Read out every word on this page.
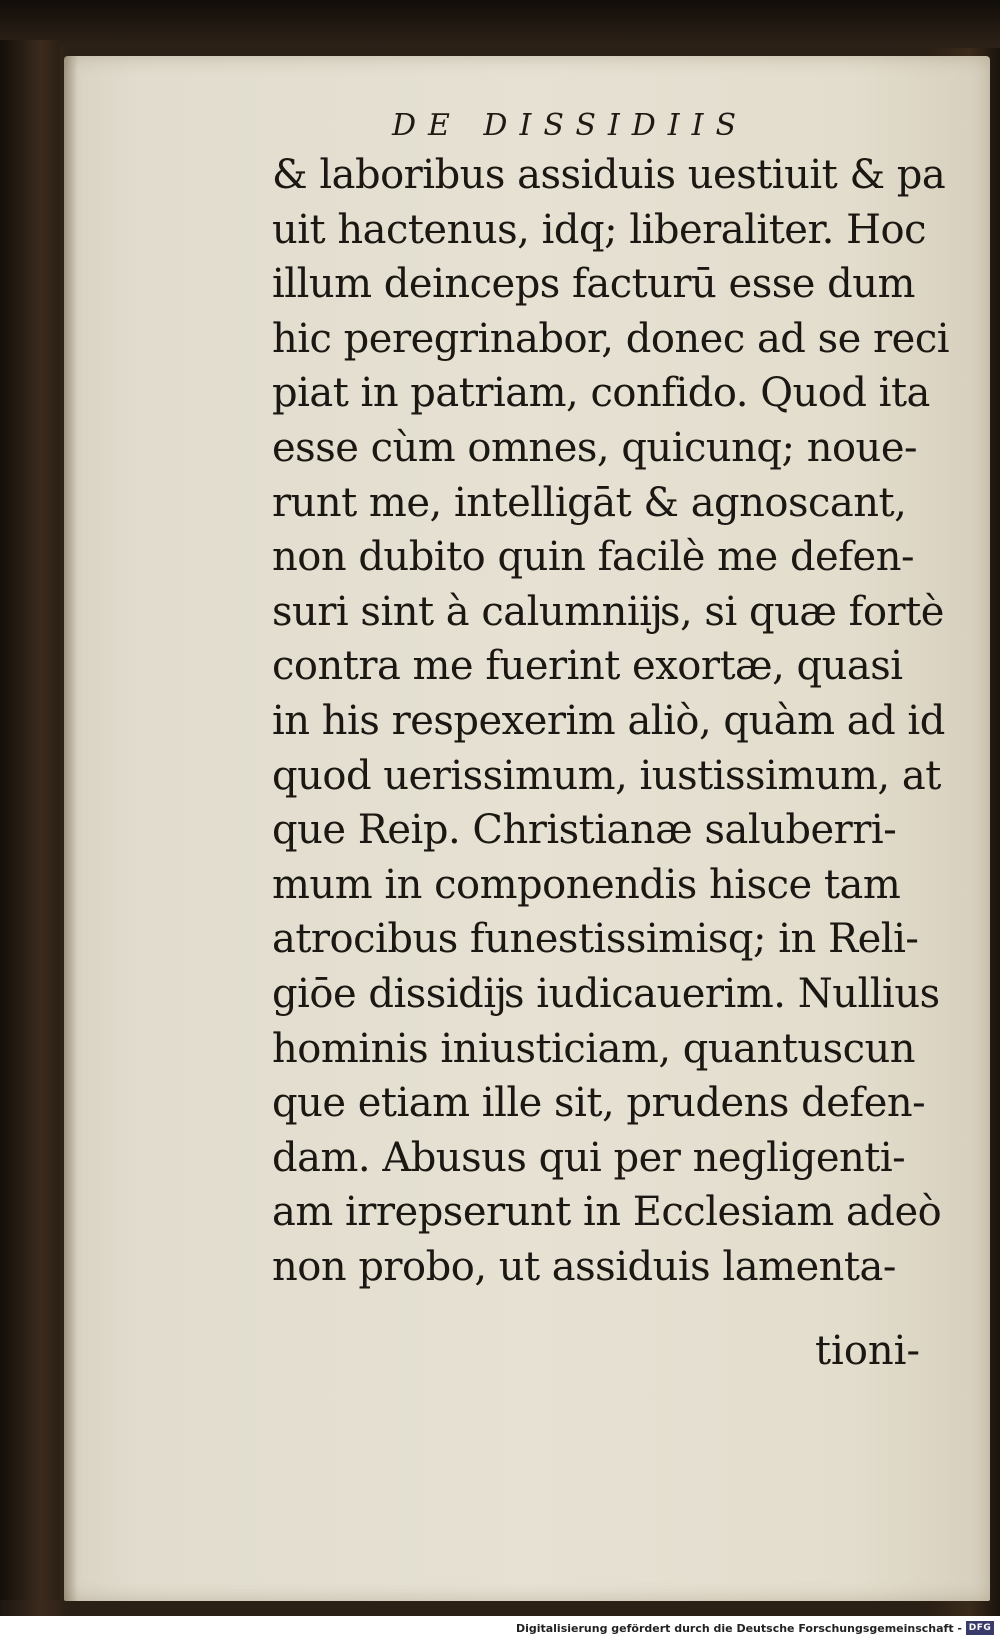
DE DISSIDIIS
& laboribus assiduis uestiuit & pa
uit hactenus, idq; liberaliter. Hoc
illum deinceps facturū esse dum
hic peregrinabor, donec ad se reci
piat in patriam, confido. Quod ita
esse cùm omnes, quicunq; noue-
runt me, intelligāt & agnoscant,
non dubito quin facilè me defen-
suri sint à calumniĳs, si quæ fortè
contra me fuerint exortæ, quasi
in his respexerim aliò, quàm ad id
quod uerissimum, iustissimum, at
que Reip. Christianæ saluberri-
mum in componendis hisce tam
atrocibus funestissimisq; in Reli-
giōe dissidĳs iudicauerim. Nullius
hominis iniusticiam, quantuscun
que etiam ille sit, prudens defen-
dam. Abusus qui per negligenti-
am irrepserunt in Ecclesiam adeò
non probo, ut assiduis lamenta-
tioni-
Digitalisierung gefördert durch die Deutsche Forschungsgemeinschaft - DFG
